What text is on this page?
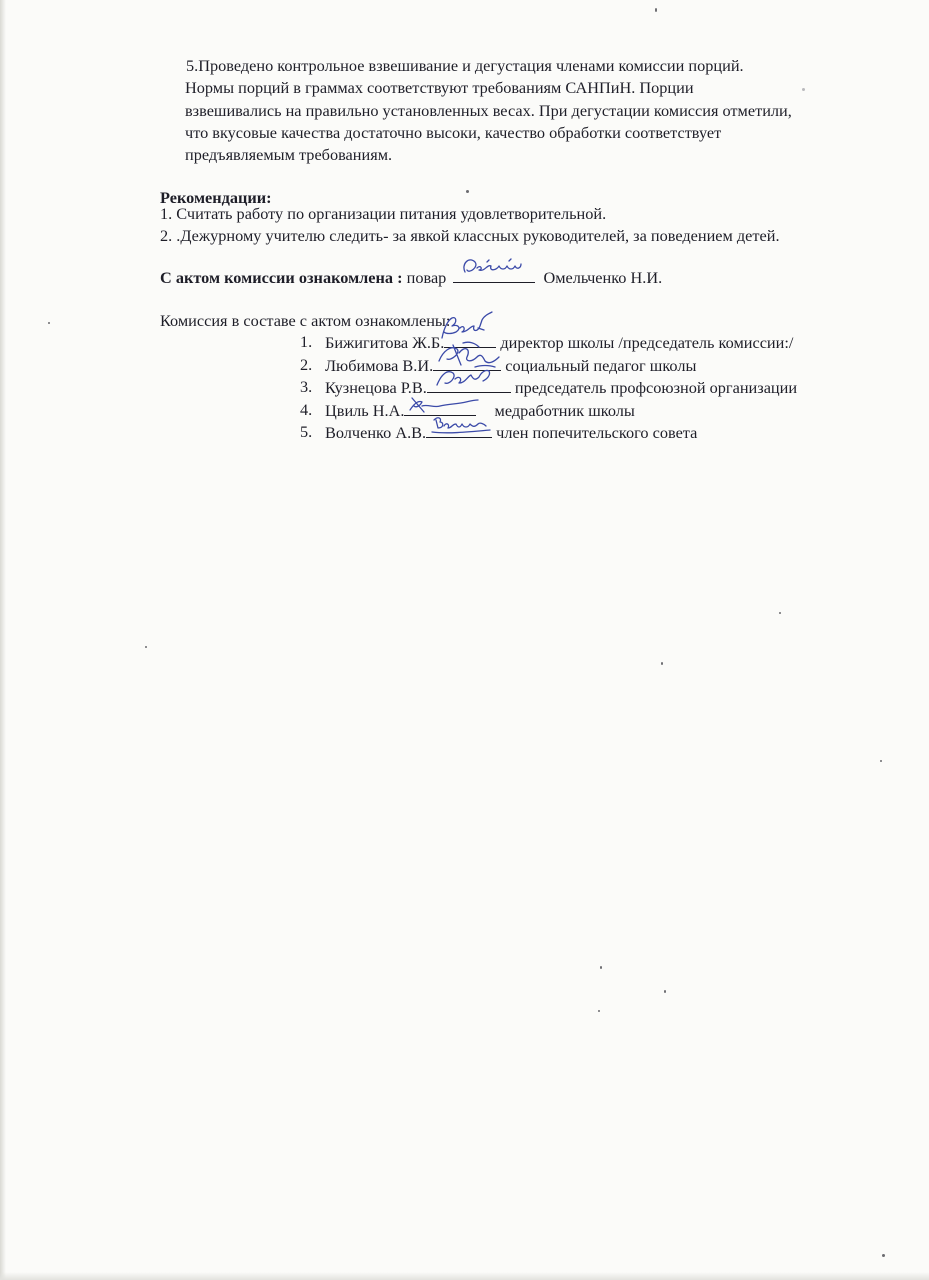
5.Проведено контрольное взвешивание и дегустация членами комиссии порций.
Нормы порций в граммах соответствуют требованиям САНПиН. Порции
взвешивались на правильно установленных весах. При дегустации комиссия отметили,
что вкусовые качества достаточно высоки, качество обработки соответствует
предъявляемым требованиям.
Рекомендации:
1. Считать работу по организации питания удовлетворительной.
2. .Дежурному учителю следить- за явкой классных руководителей, за поведением детей.
С актом комиссии ознакомлена : повар	Омельченко Н.И.
Комиссия в составе с актом ознакомлены:
1. Бижигитова Ж.Б.	директор школы /председатель комиссии:/
2. Любимова В.И.	социальный педагог школы
3. Кузнецова Р.В.	председатель профсоюзной организации
4. Цвиль Н.А.	медработник школы
5. Волченко А.В.	член попечительского совета
